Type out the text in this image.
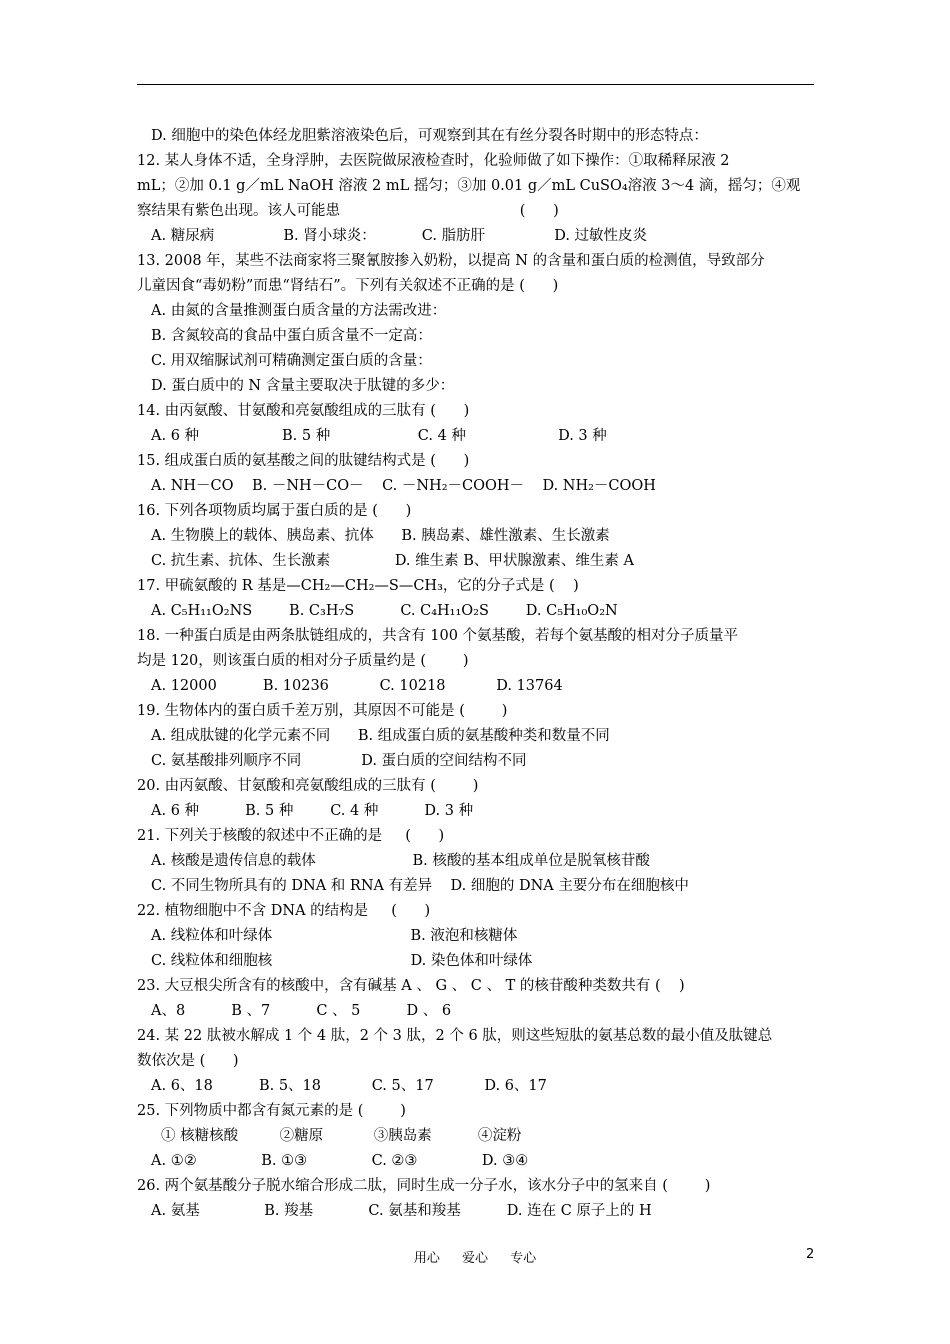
D. 细胞中的染色体经龙胆紫溶液染色后，可观察到其在有丝分裂各时期中的形态特点：
12. 某人身体不适，全身浮肿，去医院做尿液检查时，化验师做了如下操作：①取稀释尿液 2
mL；②加 0.1 g／mL NaOH 溶液 2 mL 摇匀；③加 0.01 g／mL CuSO₄溶液 3～4 滴，摇匀；④观
察结果有紫色出现。该人可能患                                       (      )
A. 糖尿病               B. 肾小球炎：          C. 脂肪肝               D. 过敏性皮炎
13. 2008 年，某些不法商家将三聚氰胺掺入奶粉，以提高 N 的含量和蛋白质的检测值，导致部分
儿童因食“毒奶粉”而患“肾结石”。下列有关叙述不正确的是 (      )
A. 由氮的含量推测蛋白质含量的方法需改进：
B. 含氮较高的食品中蛋白质含量不一定高：
C. 用双缩脲试剂可精确测定蛋白质的含量：
D. 蛋白质中的 N 含量主要取决于肽键的多少：
14. 由丙氨酸、甘氨酸和亮氨酸组成的三肽有 (      )
A. 6 种                  B. 5 种                   C. 4 种                    D. 3 种
15. 组成蛋白质的氨基酸之间的肽键结构式是 (      )
A. NH－CO    B. －NH－CO－    C. －NH₂－COOH－    D. NH₂－COOH
16. 下列各项物质均属于蛋白质的是 (      )
A. 生物膜上的载体、胰岛素、抗体      B. 胰岛素、雄性激素、生长激素
C. 抗生素、抗体、生长激素              D. 维生素 B、甲状腺激素、维生素 A
17. 甲硫氨酸的 R 基是—CH₂—CH₂—S—CH₃，它的分子式是 (    )
A. C₅H₁₁O₂NS        B. C₃H₇S          C. C₄H₁₁O₂S        D. C₅H₁₀O₂N
18. 一种蛋白质是由两条肽链组成的，共含有 100 个氨基酸，若每个氨基酸的相对分子质量平
均是 120，则该蛋白质的相对分子质量约是 (        )
A. 12000          B. 10236           C. 10218           D. 13764
19. 生物体内的蛋白质千差万别，其原因不可能是 (        )
A. 组成肽键的化学元素不同      B. 组成蛋白质的氨基酸种类和数量不同
C. 氨基酸排列顺序不同             D. 蛋白质的空间结构不同
20. 由丙氨酸、甘氨酸和亮氨酸组成的三肽有 (        )
A. 6 种          B. 5 种        C. 4 种          D. 3 种
21. 下列关于核酸的叙述中不正确的是     (      )
A. 核酸是遗传信息的载体                     B. 核酸的基本组成单位是脱氧核苷酸
C. 不同生物所具有的 DNA 和 RNA 有差异    D. 细胞的 DNA 主要分布在细胞核中
22. 植物细胞中不含 DNA 的结构是     (      )
A. 线粒体和叶绿体                              B. 液泡和核糖体
C. 线粒体和细胞核                              D. 染色体和叶绿体
23. 大豆根尖所含有的核酸中，含有碱基 A 、 G 、 C 、 T 的核苷酸种类数共有 (    )
A、8          B 、7          C 、 5          D 、 6
24. 某 22 肽被水解成 1 个 4 肽，2 个 3 肽，2 个 6 肽，则这些短肽的氨基总数的最小值及肽键总
数依次是 (      )
A. 6、18          B. 5、18           C. 5、17           D. 6、17
25. 下列物质中都含有氮元素的是 (        )
① 核糖核酸         ②糖原           ③胰岛素          ④淀粉
A. ①②              B. ①③              C. ②③              D. ③④
26. 两个氨基酸分子脱水缩合形成二肽，同时生成一分子水，该水分子中的氢来自 (        )
A. 氨基              B. 羧基            C. 氨基和羧基          D. 连在 C 原子上的 H
用心 爱心 专心	2
